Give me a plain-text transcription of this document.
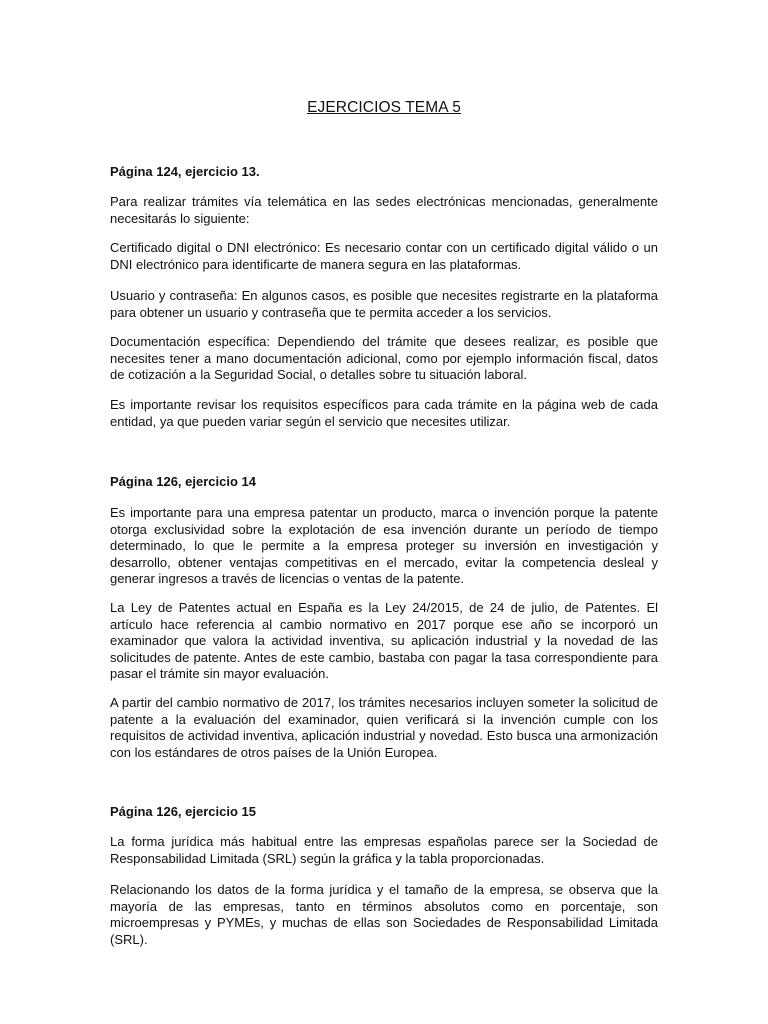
EJERCICIOS TEMA 5

Página 124, ejercicio 13.

Para realizar trámites vía telemática en las sedes electrónicas mencionadas, generalmente necesitarás lo siguiente:

Certificado digital o DNI electrónico: Es necesario contar con un certificado digital válido o un DNI electrónico para identificarte de manera segura en las plataformas.

Usuario y contraseña: En algunos casos, es posible que necesites registrarte en la plataforma para obtener un usuario y contraseña que te permita acceder a los servicios.

Documentación específica: Dependiendo del trámite que desees realizar, es posible que necesites tener a mano documentación adicional, como por ejemplo información fiscal, datos de cotización a la Seguridad Social, o detalles sobre tu situación laboral.

Es importante revisar los requisitos específicos para cada trámite en la página web de cada entidad, ya que pueden variar según el servicio que necesites utilizar.

Página 126, ejercicio 14

Es importante para una empresa patentar un producto, marca o invención porque la patente otorga exclusividad sobre la explotación de esa invención durante un período de tiempo determinado, lo que le permite a la empresa proteger su inversión en investigación y desarrollo, obtener ventajas competitivas en el mercado, evitar la competencia desleal y generar ingresos a través de licencias o ventas de la patente.

La Ley de Patentes actual en España es la Ley 24/2015, de 24 de julio, de Patentes. El artículo hace referencia al cambio normativo en 2017 porque ese año se incorporó un examinador que valora la actividad inventiva, su aplicación industrial y la novedad de las solicitudes de patente. Antes de este cambio, bastaba con pagar la tasa correspondiente para pasar el trámite sin mayor evaluación.

A partir del cambio normativo de 2017, los trámites necesarios incluyen someter la solicitud de patente a la evaluación del examinador, quien verificará si la invención cumple con los requisitos de actividad inventiva, aplicación industrial y novedad. Esto busca una armonización con los estándares de otros países de la Unión Europea.

Página 126, ejercicio 15

La forma jurídica más habitual entre las empresas españolas parece ser la Sociedad de Responsabilidad Limitada (SRL) según la gráfica y la tabla proporcionadas.

Relacionando los datos de la forma jurídica y el tamaño de la empresa, se observa que la mayoría de las empresas, tanto en términos absolutos como en porcentaje, son microempresas y PYMEs, y muchas de ellas son Sociedades de Responsabilidad Limitada (SRL).
